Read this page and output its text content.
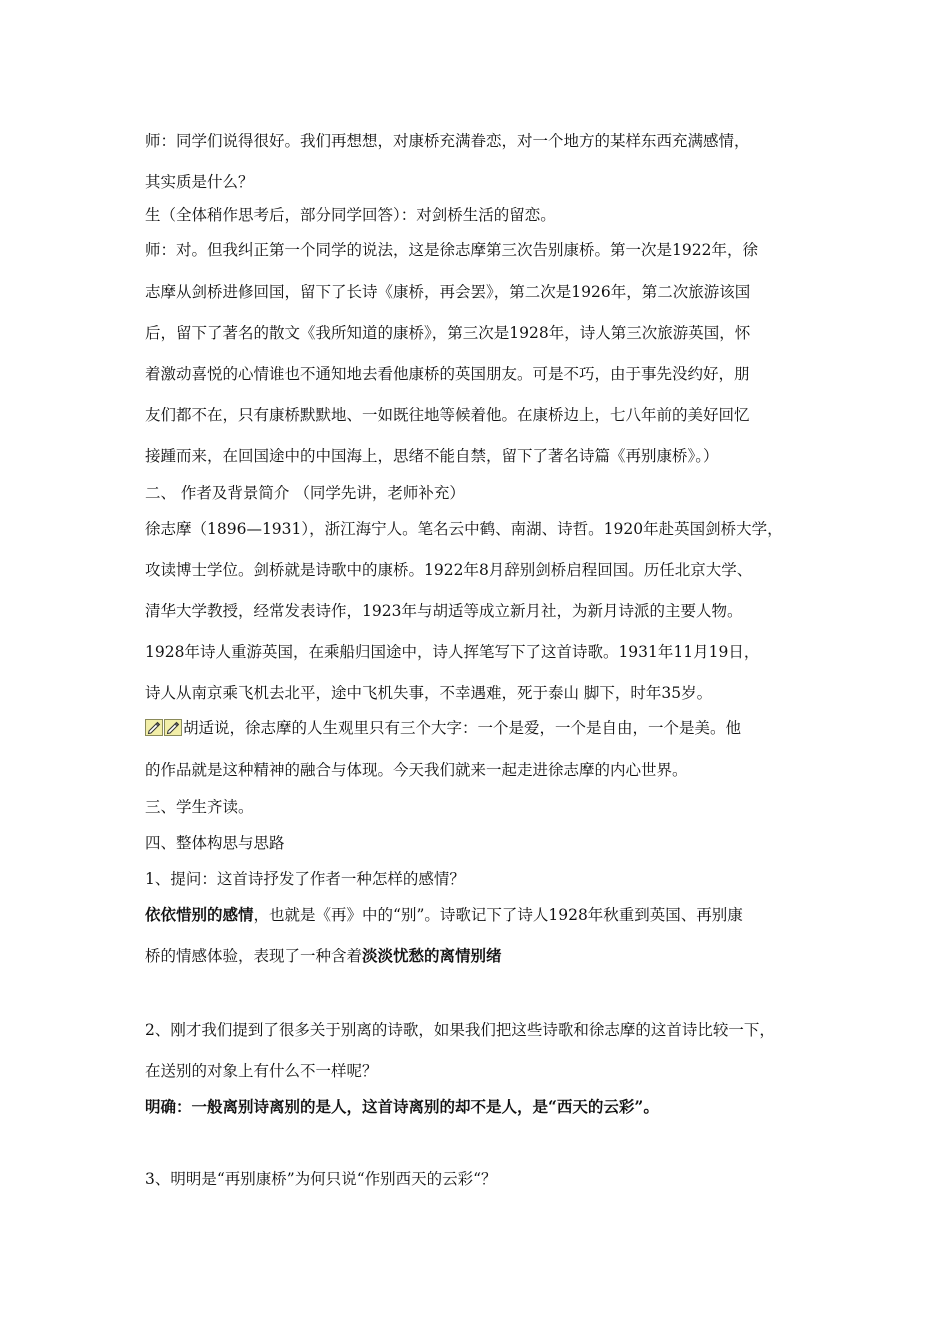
师：同学们说得很好。我们再想想，对康桥充满眷恋，对一个地方的某样东西充满感情，
其实质是什么？
生（全体稍作思考后，部分同学回答）：对剑桥生活的留恋。
师：对。但我纠正第一个同学的说法，这是徐志摩第三次告别康桥。第一次是1922年，徐
志摩从剑桥进修回国，留下了长诗《康桥，再会罢》，第二次是1926年，第二次旅游该国
后，留下了著名的散文《我所知道的康桥》，第三次是1928年，诗人第三次旅游英国，怀
着激动喜悦的心情谁也不通知地去看他康桥的英国朋友。可是不巧，由于事先没约好，朋
友们都不在，只有康桥默默地、一如既往地等候着他。在康桥边上，七八年前的美好回忆
接踵而来，在回国途中的中国海上，思绪不能自禁，留下了著名诗篇《再别康桥》。）
二、 作者及背景简介 （同学先讲，老师补充）
徐志摩（1896—1931），浙江海宁人。笔名云中鹤、南湖、诗哲。1920年赴英国剑桥大学，
攻读博士学位。剑桥就是诗歌中的康桥。1922年8月辞别剑桥启程回国。历任北京大学、
清华大学教授，经常发表诗作，1923年与胡适等成立新月社，为新月诗派的主要人物。
1928年诗人重游英国，在乘船归国途中，诗人挥笔写下了这首诗歌。1931年11月19日，
诗人从南京乘飞机去北平，途中飞机失事，不幸遇难，死于泰山 脚下，时年35岁。
胡适说，徐志摩的人生观里只有三个大字：一个是爱，一个是自由，一个是美。他
的作品就是这种精神的融合与体现。今天我们就来一起走进徐志摩的内心世界。
三、学生齐读。
四、整体构思与思路
1、提问：这首诗抒发了作者一种怎样的感情？
依依惜别的感情，也就是《再》中的“别”。诗歌记下了诗人1928年秋重到英国、再别康
桥的情感体验，表现了一种含着淡淡忧愁的离情别绪
2、刚才我们提到了很多关于别离的诗歌，如果我们把这些诗歌和徐志摩的这首诗比较一下，
在送别的对象上有什么不一样呢？
明确：一般离别诗离别的是人，这首诗离别的却不是人，是“西天的云彩”。
3、明明是“再别康桥”为何只说“作别西天的云彩“？
